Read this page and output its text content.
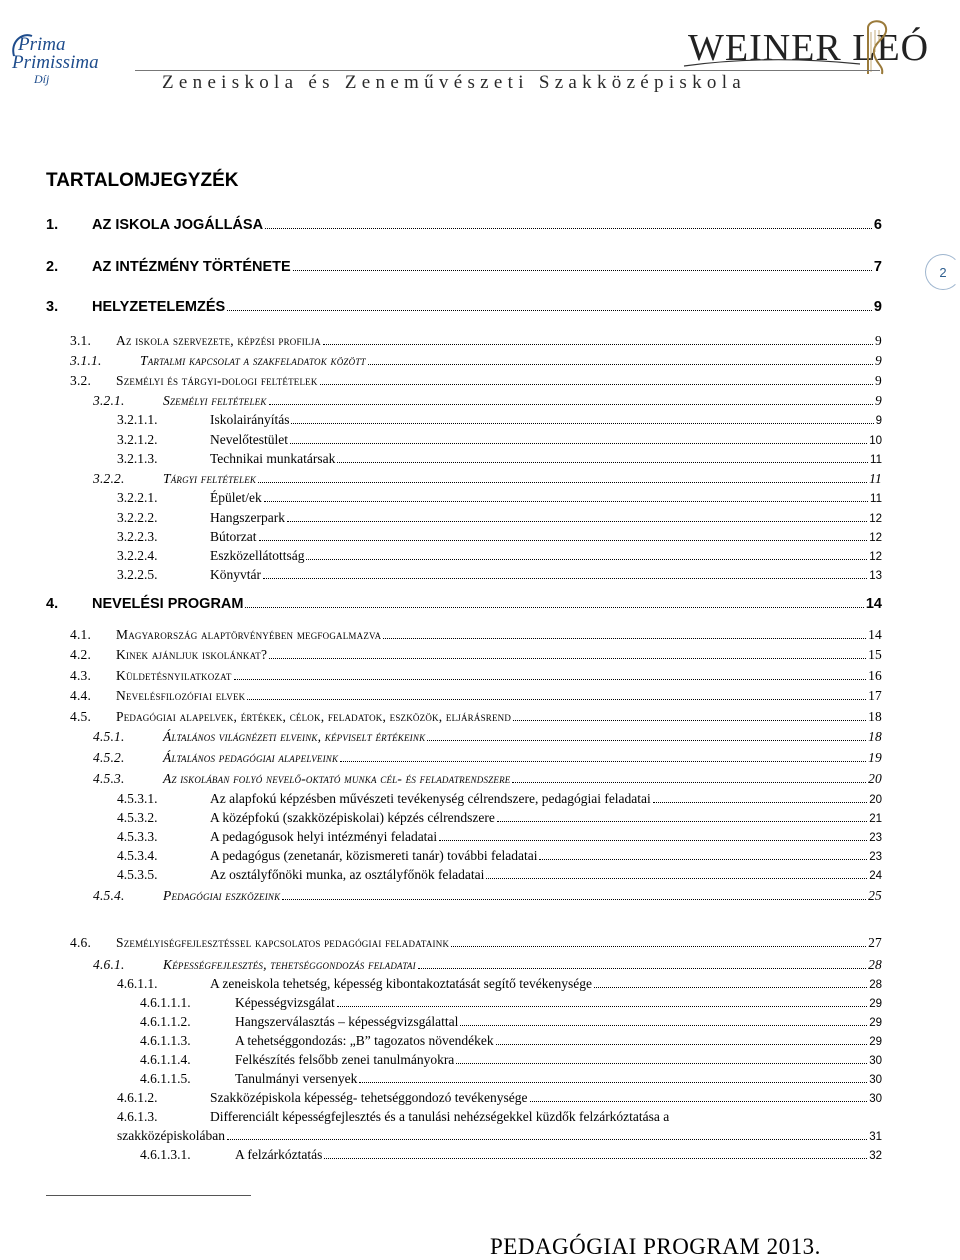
Prima
Primissima
Díj
WEINER LEÓ
Zeneiskola és Zeneművészeti Szakközépiskola
2
TARTALOMJEGYZÉK
1.	AZ ISKOLA JOGÁLLÁSA	6
2.	AZ INTÉZMÉNY TÖRTÉNETE	7
3.	HELYZETELEMZÉS	9
3.1.	Az iskola szervezete, képzési profilja	9
3.1.1.	Tartalmi kapcsolat a szakfeladatok között	9
3.2.	Személyi és tárgyi-dologi feltételek	9
3.2.1.	Személyi feltételek	9
3.2.1.1.	Iskolairányítás	9
3.2.1.2.	Nevelőtestület	10
3.2.1.3.	Technikai munkatársak	11
3.2.2.	Tárgyi feltételek	11
3.2.2.1.	Épület/ek	11
3.2.2.2.	Hangszerpark	12
3.2.2.3.	Bútorzat	12
3.2.2.4.	Eszközellátottság	12
3.2.2.5.	Könyvtár	13
4.	NEVELÉSI PROGRAM	14
4.1.	Magyarország alaptörvényében megfogalmazva	14
4.2.	Kinek ajánljuk iskolánkat?	15
4.3.	Küldetésnyilatkozat	16
4.4.	Nevelésfilozófiai elvek	17
4.5.	Pedagógiai alapelvek, értékek, célok, feladatok, eszközök, eljárásrend	18
4.5.1.	Általános világnézeti elveink, képviselt értékeink	18
4.5.2.	Általános pedagógiai alapelveink	19
4.5.3.	Az iskolában folyó nevelő-oktató munka cél- és feladatrendszere	20
4.5.3.1.	Az alapfokú képzésben művészeti tevékenység célrendszere, pedagógiai feladatai	20
4.5.3.2.	A középfokú (szakközépiskolai) képzés célrendszere	21
4.5.3.3.	A pedagógusok helyi intézményi feladatai	23
4.5.3.4.	A pedagógus (zenetanár, közismereti tanár) további feladatai	23
4.5.3.5.	Az osztályfőnöki munka, az osztályfőnök feladatai	24
4.5.4.	Pedagógiai eszközeink	25
4.6.	Személyiségfejlesztéssel kapcsolatos pedagógiai feladataink	27
4.6.1.	Képességfejlesztés, tehetséggondozás feladatai	28
4.6.1.1.	A zeneiskola tehetség, képesség kibontakoztatását segítő tevékenysége	28
4.6.1.1.1.	Képességvizsgálat	29
4.6.1.1.2.	Hangszerválasztás – képességvizsgálattal	29
4.6.1.1.3.	A tehetséggondozás: „B” tagozatos növendékek	29
4.6.1.1.4.	Felkészítés felsőbb zenei tanulmányokra	30
4.6.1.1.5.	Tanulmányi versenyek	30
4.6.1.2.	Szakközépiskola képesség- tehetséggondozó tevékenysége	30
4.6.1.3.	Differenciált képességfejlesztés és a tanulási nehézségekkel küzdők felzárkóztatása a
szakközépiskolában	31
4.6.1.3.1.	A felzárkóztatás	32
PEDAGÓGIAI PROGRAM 2013.
